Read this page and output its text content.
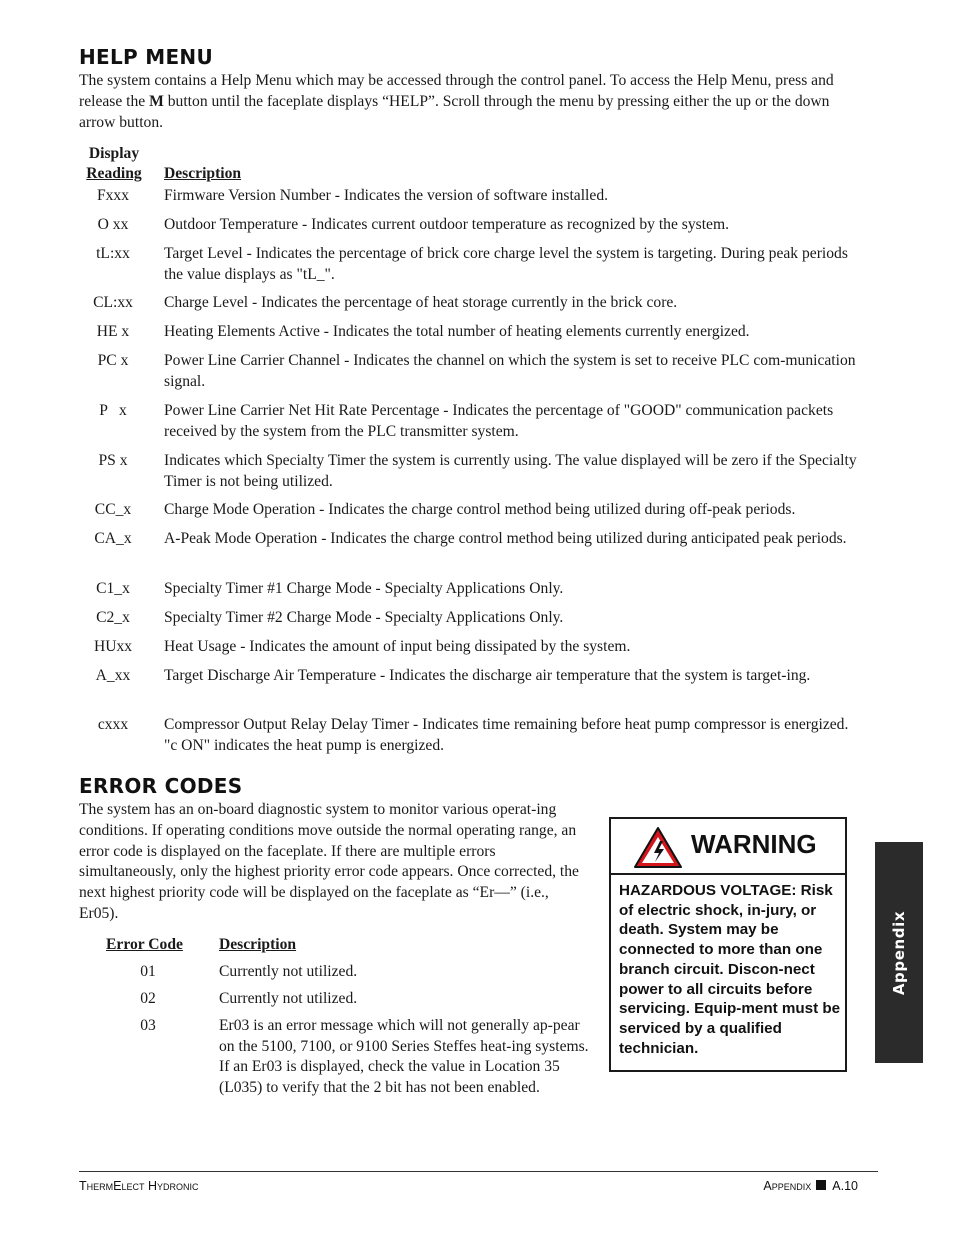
HELP MENU

The system contains a Help Menu which may be accessed through the control panel. To access the Help Menu, press and release the M button until the faceplate displays “HELP”. Scroll through the menu by pressing either the up or the down arrow button.

Display
Reading	Description
Fxxx	Firmware Version Number - Indicates the version of software installed.
O xx	Outdoor Temperature - Indicates current outdoor temperature as recognized by the system.
tL:xx	Target Level - Indicates the percentage of brick core charge level the system is targeting. During peak periods the value displays as "tL_".
CL:xx	Charge Level - Indicates the percentage of heat storage currently in the brick core.
HE x	Heating Elements Active - Indicates the total number of heating elements currently energized.
PC x	Power Line Carrier Channel - Indicates the channel on which the system is set to receive PLC com-munication signal.
P   x	Power Line Carrier Net Hit Rate Percentage - Indicates the percentage of "GOOD" communication packets received by the system from the PLC transmitter system.
PS x	Indicates which Specialty Timer the system is currently using. The value displayed will be zero if the Specialty Timer is not being utilized.
CC_x	Charge Mode Operation - Indicates the charge control method being utilized during off-peak periods.
CA_x	A-Peak Mode Operation - Indicates the charge control method being utilized during anticipated peak periods.
C1_x	Specialty Timer #1 Charge Mode - Specialty Applications Only.
C2_x	Specialty Timer #2 Charge Mode - Specialty Applications Only.
HUxx	Heat Usage - Indicates the amount of input being dissipated by the system.
A_xx	Target Discharge Air Temperature - Indicates the discharge air temperature that the system is target-ing.
cxxx	Compressor Output Relay Delay Timer - Indicates time remaining before heat pump compressor is energized. "c ON" indicates the heat pump is energized.
ERROR CODES

The system has an on-board diagnostic system to monitor various operat-ing conditions. If operating conditions move outside the normal operating range, an error code is displayed on the faceplate. If there are multiple errors simultaneously, only the highest priority error code appears. Once corrected, the next highest priority code will be displayed on the faceplate as “Er—” (i.e., Er05).

Error Code Description
01	Currently not utilized.
02	Currently not utilized.
03	Er03 is an error message which will not generally ap-pear on the 5100, 7100, or 9100 Series Steffes heat-ing systems. If an Er03 is displayed, check the value in Location 35 (L035) to verify that the 2 bit has not been enabled.
WARNING
HAZARDOUS VOLTAGE: Risk of electric shock, in-jury, or death. System may be connected to more than one branch circuit. Discon-nect power to all circuits before servicing. Equip-ment must be serviced by a qualified technician.
Appendix
ThermElect Hydronic	Appendix A.10
